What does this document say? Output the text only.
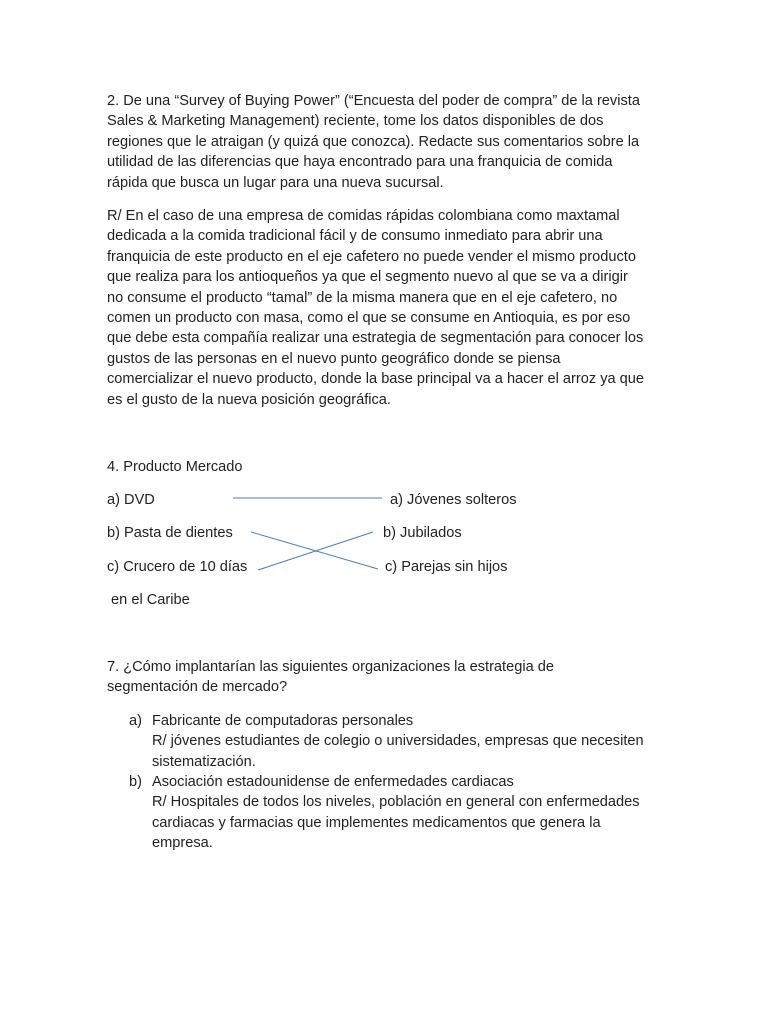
2. De una “Survey of Buying Power” (“Encuesta del poder de compra” de la revista
Sales & Marketing Management) reciente, tome los datos disponibles de dos
regiones que le atraigan (y quizá que conozca). Redacte sus comentarios sobre la
utilidad de las diferencias que haya encontrado para una franquicia de comida
rápida que busca un lugar para una nueva sucursal.
R/ En el caso de una empresa de comidas rápidas colombiana como maxtamal
dedicada a la comida tradicional fácil y de consumo inmediato para abrir una
franquicia de este producto en el eje cafetero no puede vender el mismo producto
que realiza para los antioqueños ya que el segmento nuevo al que se va a dirigir
no consume el producto “tamal” de la misma manera que en el eje cafetero, no
comen un producto con masa, como el que se consume en Antioquia, es por eso
que debe esta compañía realizar una estrategia de segmentación para conocer los
gustos de las personas en el nuevo punto geográfico donde se piensa
comercializar el nuevo producto, donde la base principal va a hacer el arroz ya que
es el gusto de la nueva posición geográfica.
4. Producto Mercado
a) DVD
b) Pasta de dientes
c) Crucero de 10 días
en el Caribe
a) Jóvenes solteros
b) Jubilados
c) Parejas sin hijos
7. ¿Cómo implantarían las siguientes organizaciones la estrategia de
segmentación de mercado?
a) Fabricante de computadoras personales
R/ jóvenes estudiantes de colegio o universidades, empresas que necesiten
sistematización.
b) Asociación estadounidense de enfermedades cardiacas
R/ Hospitales de todos los niveles, población en general con enfermedades
cardiacas y farmacias que implementes medicamentos que genera la
empresa.
